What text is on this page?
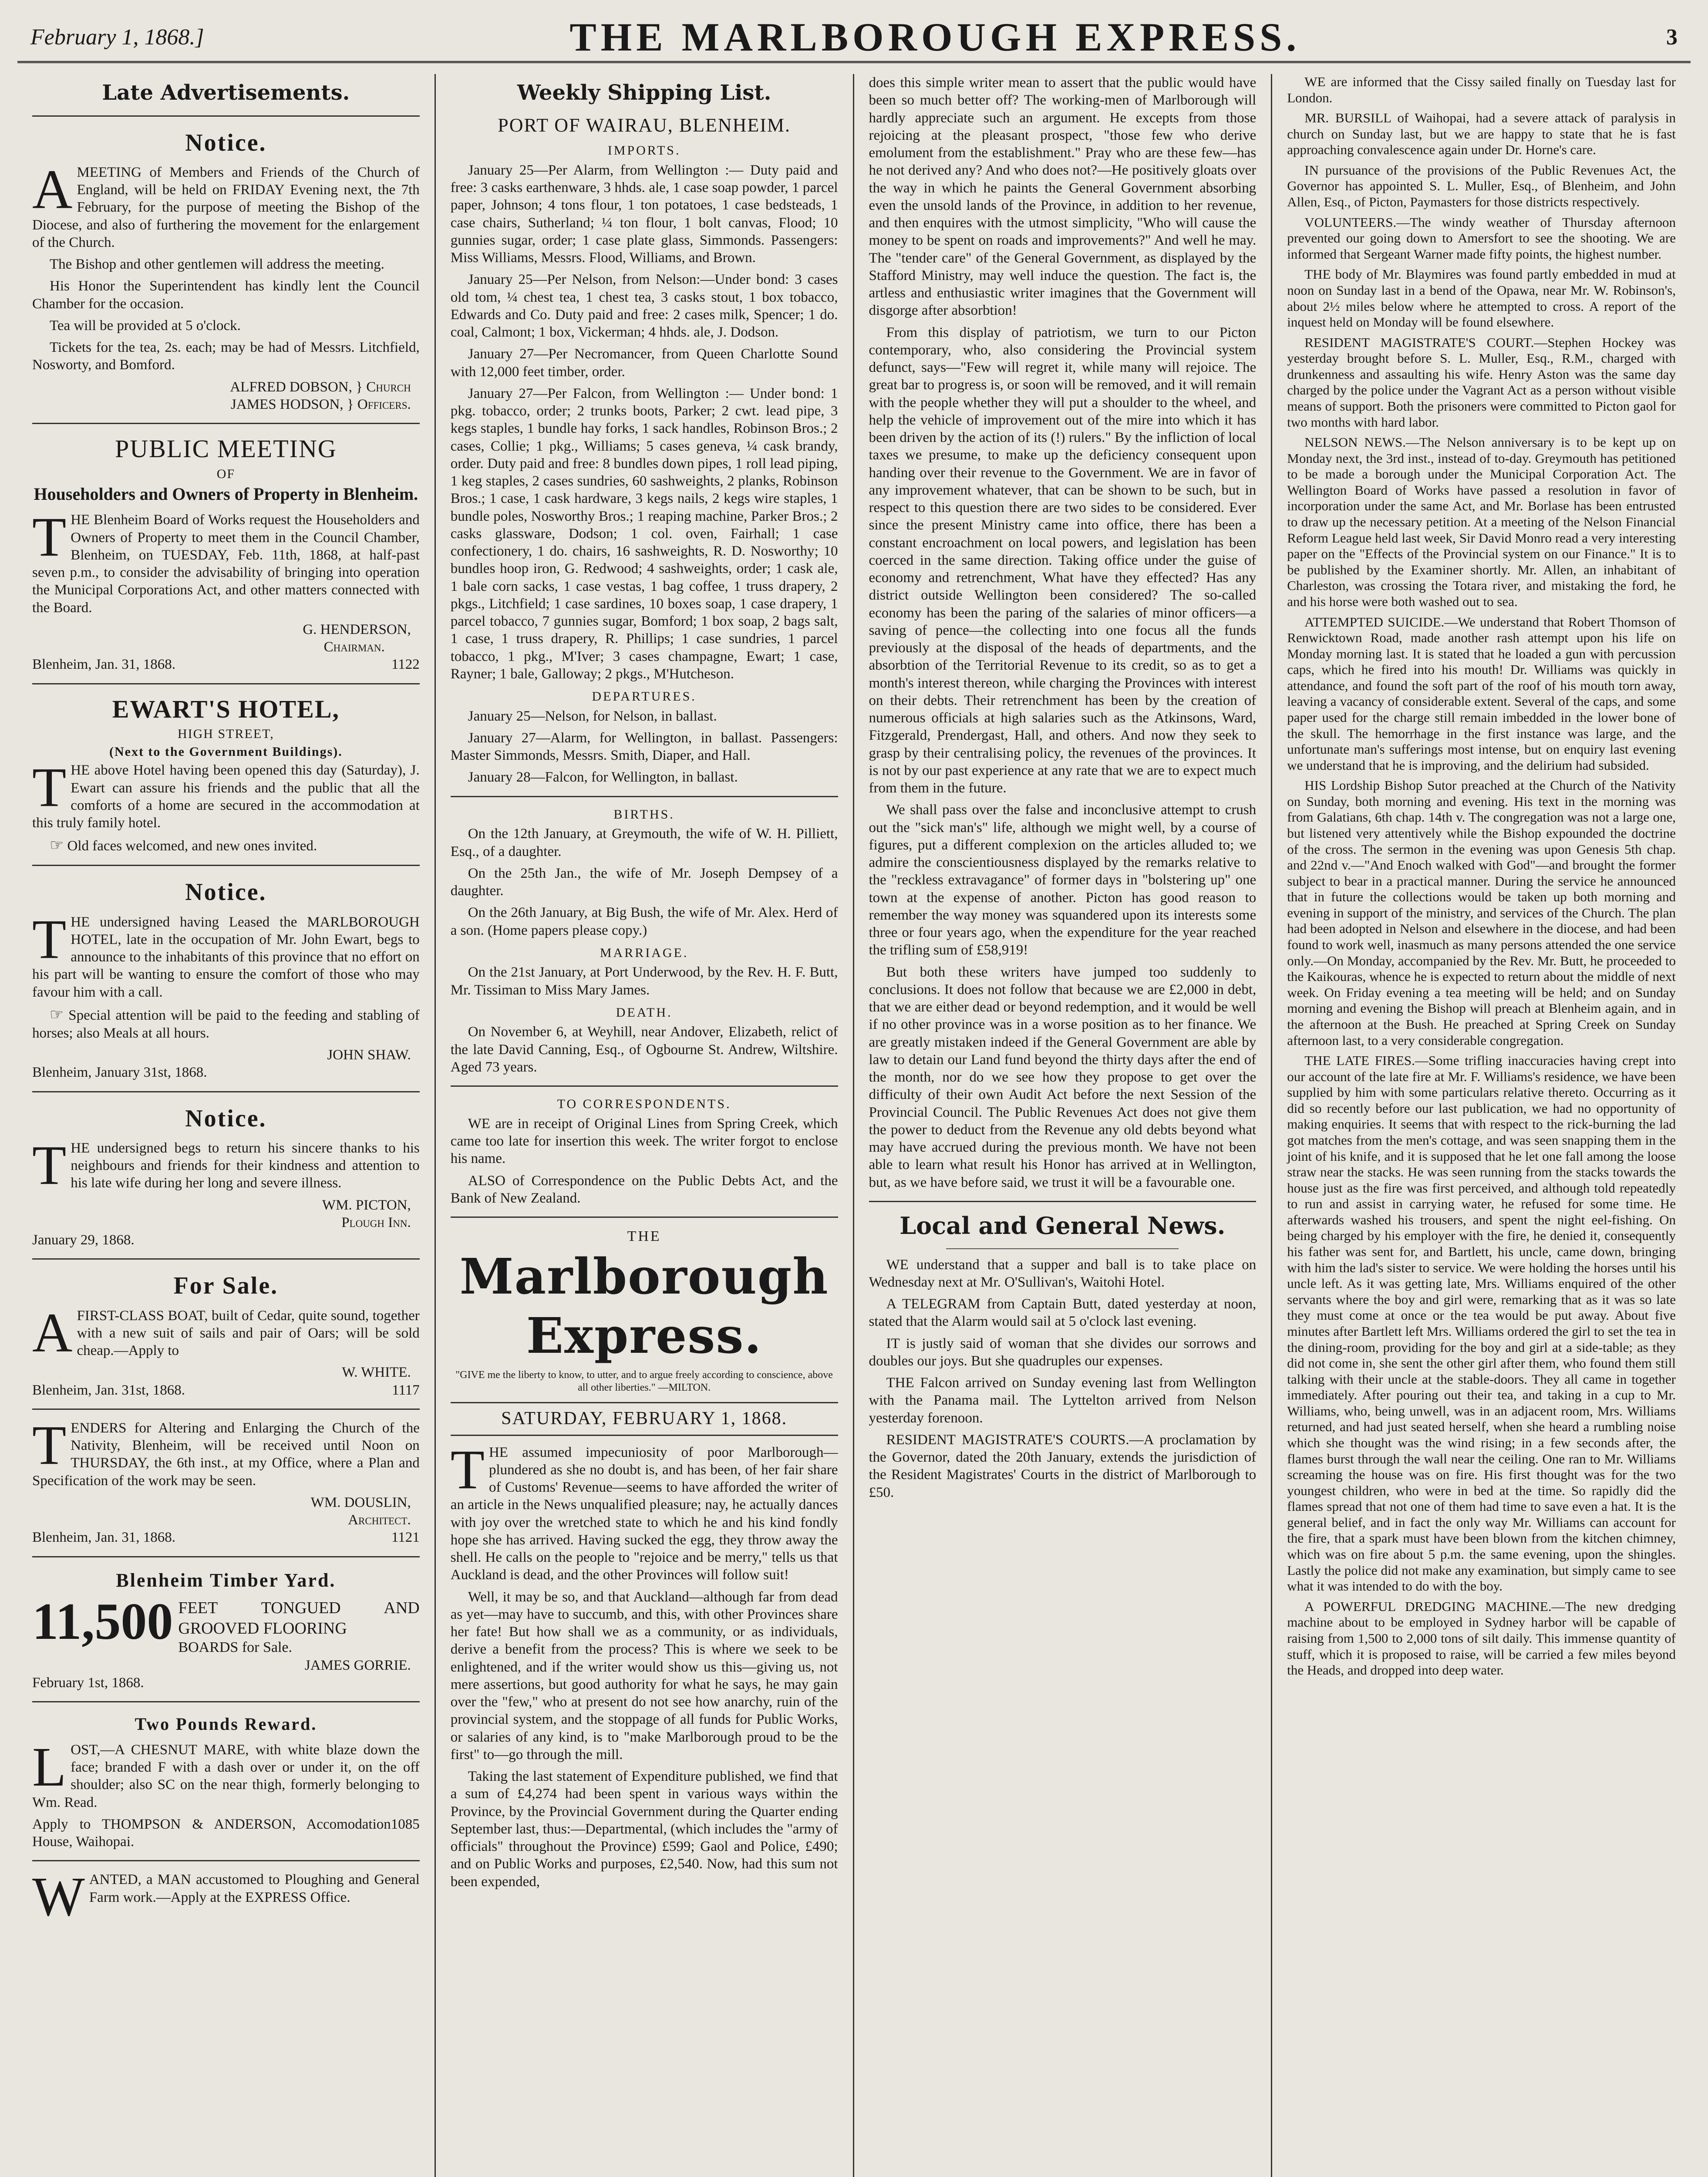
February 1, 1868.]	THE MARLBOROUGH EXPRESS.	3
Late Advertisements.
Notice.

AMEETING of Members and Friends of the Church of England, will be held on FRIDAY Evening next, the 7th February, for the purpose of meeting the Bishop of the Diocese, and also of furthering the movement for the enlargement of the Church.

The Bishop and other gentlemen will address the meeting.

His Honor the Superintendent has kindly lent the Council Chamber for the occasion.

Tea will be provided at 5 o'clock.

Tickets for the tea, 2s. each; may be had of Messrs. Litchfield, Nosworty, and Bomford.

ALFRED DOBSON, } Church
JAMES HODSON, } Officers.
PUBLIC MEETING
OF
Householders and Owners of Property in Blenheim.

THE Blenheim Board of Works request the Householders and Owners of Property to meet them in the Council Chamber, Blenheim, on TUESDAY, Feb. 11th, 1868, at half-past seven p.m., to consider the advisability of bringing into operation the Municipal Corporations Act, and other matters connected with the Board.

G. HENDERSON,
Chairman.
Blenheim, Jan. 31, 1868.	1122
EWART'S HOTEL,
HIGH STREET,
(Next to the Government Buildings).

THE above Hotel having been opened this day (Saturday), J. Ewart can assure his friends and the public that all the comforts of a home are secured in the accommodation at this truly family hotel.

☞ Old faces welcomed, and new ones invited.

Notice.

THE undersigned having Leased the MARLBOROUGH HOTEL, late in the occupation of Mr. John Ewart, begs to announce to the inhabitants of this province that no effort on his part will be wanting to ensure the comfort of those who may favour him with a call.

☞ Special attention will be paid to the feeding and stabling of horses; also Meals at all hours.

JOHN SHAW.
Blenheim, January 31st, 1868.
Notice.

THE undersigned begs to return his sincere thanks to his neighbours and friends for their kindness and attention to his late wife during her long and severe illness.

WM. PICTON,
Plough Inn.
January 29, 1868.
For Sale.

AFIRST-CLASS BOAT, built of Cedar, quite sound, together with a new suit of sails and pair of Oars; will be sold cheap.—Apply to

W. WHITE.
Blenheim, Jan. 31st, 1868.	1117

TENDERS for Altering and Enlarging the Church of the Nativity, Blenheim, will be received until Noon on THURSDAY, the 6th inst., at my Office, where a Plan and Specification of the work may be seen.

WM. DOUSLIN,
Architect.
Blenheim, Jan. 31, 1868.	1121
Blenheim Timber Yard.
11,500 FEET TONGUED AND GROOVED FLOORING
BOARDS for Sale.
JAMES GORRIE.
February 1st, 1868.
Two Pounds Reward.

LOST,—A CHESNUT MARE, with white blaze down the face; branded F with a dash over or under it, on the off shoulder; also SC on the near thigh, formerly belonging to Wm. Read.

Apply to THOMPSON & ANDERSON, Accomodation House, Waihopai.
1085

WANTED, a MAN accustomed to Ploughing and General Farm work.—Apply at the EXPRESS Office.

Weekly Shipping List.
PORT OF WAIRAU, BLENHEIM.
IMPORTS.

January 25—Per Alarm, from Wellington :— Duty paid and free: 3 casks earthenware, 3 hhds. ale, 1 case soap powder, 1 parcel paper, Johnson; 4 tons flour, 1 ton potatoes, 1 case bedsteads, 1 case chairs, Sutherland; ¼ ton flour, 1 bolt canvas, Flood; 10 gunnies sugar, order; 1 case plate glass, Simmonds. Passengers: Miss Williams, Messrs. Flood, Williams, and Brown.

January 25—Per Nelson, from Nelson:—Under bond: 3 cases old tom, ¼ chest tea, 1 chest tea, 3 casks stout, 1 box tobacco, Edwards and Co. Duty paid and free: 2 cases milk, Spencer; 1 do. coal, Calmont; 1 box, Vickerman; 4 hhds. ale, J. Dodson.

January 27—Per Necromancer, from Queen Charlotte Sound with 12,000 feet timber, order.

January 27—Per Falcon, from Wellington :— Under bond: 1 pkg. tobacco, order; 2 trunks boots, Parker; 2 cwt. lead pipe, 3 kegs staples, 1 bundle hay forks, 1 sack handles, Robinson Bros.; 2 cases, Collie; 1 pkg., Williams; 5 cases geneva, ¼ cask brandy, order. Duty paid and free: 8 bundles down pipes, 1 roll lead piping, 1 keg staples, 2 cases sundries, 60 sashweights, 2 planks, Robinson Bros.; 1 case, 1 cask hardware, 3 kegs nails, 2 kegs wire staples, 1 bundle poles, Nosworthy Bros.; 1 reaping machine, Parker Bros.; 2 casks glassware, Dodson; 1 col. oven, Fairhall; 1 case confectionery, 1 do. chairs, 16 sashweights, R. D. Nosworthy; 10 bundles hoop iron, G. Redwood; 4 sashweights, order; 1 cask ale, 1 bale corn sacks, 1 case vestas, 1 bag coffee, 1 truss drapery, 2 pkgs., Litchfield; 1 case sardines, 10 boxes soap, 1 case drapery, 1 parcel tobacco, 7 gunnies sugar, Bomford; 1 box soap, 2 bags salt, 1 case, 1 truss drapery, R. Phillips; 1 case sundries, 1 parcel tobacco, 1 pkg., M'Iver; 3 cases champagne, Ewart; 1 case, Rayner; 1 bale, Galloway; 2 pkgs., M'Hutcheson.

DEPARTURES.

January 25—Nelson, for Nelson, in ballast.

January 27—Alarm, for Wellington, in ballast. Passengers: Master Simmonds, Messrs. Smith, Diaper, and Hall.

January 28—Falcon, for Wellington, in ballast.

BIRTHS.

On the 12th January, at Greymouth, the wife of W. H. Pilliett, Esq., of a daughter.

On the 25th Jan., the wife of Mr. Joseph Dempsey of a daughter.

On the 26th January, at Big Bush, the wife of Mr. Alex. Herd of a son. (Home papers please copy.)

MARRIAGE.

On the 21st January, at Port Underwood, by the Rev. H. F. Butt, Mr. Tissiman to Miss Mary James.

DEATH.

On November 6, at Weyhill, near Andover, Elizabeth, relict of the late David Canning, Esq., of Ogbourne St. Andrew, Wiltshire. Aged 73 years.

TO CORRESPONDENTS.

WE are in receipt of Original Lines from Spring Creek, which came too late for insertion this week. The writer forgot to enclose his name.

ALSO of Correspondence on the Public Debts Act, and the Bank of New Zealand.

THE
Marlborough Express.
"GIVE me the liberty to know, to utter, and to argue freely according to conscience, above all other liberties." —MILTON.
SATURDAY, FEBRUARY 1, 1868.

THE assumed impecuniosity of poor Marlborough—plundered as she no doubt is, and has been, of her fair share of Customs' Revenue—seems to have afforded the writer of an article in the News unqualified pleasure; nay, he actually dances with joy over the wretched state to which he and his kind fondly hope she has arrived. Having sucked the egg, they throw away the shell. He calls on the people to "rejoice and be merry," tells us that Auckland is dead, and the other Provinces will follow suit!

Well, it may be so, and that Auckland—although far from dead as yet—may have to succumb, and this, with other Provinces share her fate! But how shall we as a community, or as individuals, derive a benefit from the process? This is where we seek to be enlightened, and if the writer would show us this—giving us, not mere assertions, but good authority for what he says, he may gain over the "few," who at present do not see how anarchy, ruin of the provincial system, and the stoppage of all funds for Public Works, or salaries of any kind, is to "make Marlborough proud to be the first" to—go through the mill.

Taking the last statement of Expenditure published, we find that a sum of £4,274 had been spent in various ways within the Province, by the Provincial Government during the Quarter ending September last, thus:—Departmental, (which includes the "army of officials" throughout the Province) £599; Gaol and Police, £490; and on Public Works and purposes, £2,540. Now, had this sum not been expended,

does this simple writer mean to assert that the public would have been so much better off? The working-men of Marlborough will hardly appreciate such an argument. He excepts from those rejoicing at the pleasant prospect, "those few who derive emolument from the establishment." Pray who are these few—has he not derived any? And who does not?—He positively gloats over the way in which he paints the General Government absorbing even the unsold lands of the Province, in addition to her revenue, and then enquires with the utmost simplicity, "Who will cause the money to be spent on roads and improvements?" And well he may. The "tender care" of the General Government, as displayed by the Stafford Ministry, may well induce the question. The fact is, the artless and enthusiastic writer imagines that the Government will disgorge after absorbtion!

From this display of patriotism, we turn to our Picton contemporary, who, also considering the Provincial system defunct, says—"Few will regret it, while many will rejoice. The great bar to progress is, or soon will be removed, and it will remain with the people whether they will put a shoulder to the wheel, and help the vehicle of improvement out of the mire into which it has been driven by the action of its (!) rulers." By the infliction of local taxes we presume, to make up the deficiency consequent upon handing over their revenue to the Government. We are in favor of any improvement whatever, that can be shown to be such, but in respect to this question there are two sides to be considered. Ever since the present Ministry came into office, there has been a constant encroachment on local powers, and legislation has been coerced in the same direction. Taking office under the guise of economy and retrenchment, What have they effected? Has any district outside Wellington been considered? The so-called economy has been the paring of the salaries of minor officers—a saving of pence—the collecting into one focus all the funds previously at the disposal of the heads of departments, and the absorbtion of the Territorial Revenue to its credit, so as to get a month's interest thereon, while charging the Provinces with interest on their debts. Their retrenchment has been by the creation of numerous officials at high salaries such as the Atkinsons, Ward, Fitzgerald, Prendergast, Hall, and others. And now they seek to grasp by their centralising policy, the revenues of the provinces. It is not by our past experience at any rate that we are to expect much from them in the future.

We shall pass over the false and inconclusive attempt to crush out the "sick man's" life, although we might well, by a course of figures, put a different complexion on the articles alluded to; we admire the conscientiousness displayed by the remarks relative to the "reckless extravagance" of former days in "bolstering up" one town at the expense of another. Picton has good reason to remember the way money was squandered upon its interests some three or four years ago, when the expenditure for the year reached the trifling sum of £58,919!

But both these writers have jumped too suddenly to conclusions. It does not follow that because we are £2,000 in debt, that we are either dead or beyond redemption, and it would be well if no other province was in a worse position as to her finance. We are greatly mistaken indeed if the General Government are able by law to detain our Land fund beyond the thirty days after the end of the month, nor do we see how they propose to get over the difficulty of their own Audit Act before the next Session of the Provincial Council. The Public Revenues Act does not give them the power to deduct from the Revenue any old debts beyond what may have accrued during the previous month. We have not been able to learn what result his Honor has arrived at in Wellington, but, as we have before said, we trust it will be a favourable one.

Local and General News.

WE understand that a supper and ball is to take place on Wednesday next at Mr. O'Sullivan's, Waitohi Hotel.

A TELEGRAM from Captain Butt, dated yesterday at noon, stated that the Alarm would sail at 5 o'clock last evening.

IT is justly said of woman that she divides our sorrows and doubles our joys. But she quadruples our expenses.

THE Falcon arrived on Sunday evening last from Wellington with the Panama mail. The Lyttelton arrived from Nelson yesterday forenoon.

RESIDENT MAGISTRATE'S COURTS.—A proclamation by the Governor, dated the 20th January, extends the jurisdiction of the Resident Magistrates' Courts in the district of Marlborough to £50.

WE are informed that the Cissy sailed finally on Tuesday last for London.

MR. BURSILL of Waihopai, had a severe attack of paralysis in church on Sunday last, but we are happy to state that he is fast approaching convalescence again under Dr. Horne's care.

IN pursuance of the provisions of the Public Revenues Act, the Governor has appointed S. L. Muller, Esq., of Blenheim, and John Allen, Esq., of Picton, Paymasters for those districts respectively.

VOLUNTEERS.—The windy weather of Thursday afternoon prevented our going down to Amersfort to see the shooting. We are informed that Sergeant Warner made fifty points, the highest number.

THE body of Mr. Blaymires was found partly embedded in mud at noon on Sunday last in a bend of the Opawa, near Mr. W. Robinson's, about 2½ miles below where he attempted to cross. A report of the inquest held on Monday will be found elsewhere.

RESIDENT MAGISTRATE'S COURT.—Stephen Hockey was yesterday brought before S. L. Muller, Esq., R.M., charged with drunkenness and assaulting his wife. Henry Aston was the same day charged by the police under the Vagrant Act as a person without visible means of support. Both the prisoners were committed to Picton gaol for two months with hard labor.

NELSON NEWS.—The Nelson anniversary is to be kept up on Monday next, the 3rd inst., instead of to-day. Greymouth has petitioned to be made a borough under the Municipal Corporation Act. The Wellington Board of Works have passed a resolution in favor of incorporation under the same Act, and Mr. Borlase has been entrusted to draw up the necessary petition. At a meeting of the Nelson Financial Reform League held last week, Sir David Monro read a very interesting paper on the "Effects of the Provincial system on our Finance." It is to be published by the Examiner shortly. Mr. Allen, an inhabitant of Charleston, was crossing the Totara river, and mistaking the ford, he and his horse were both washed out to sea.

ATTEMPTED SUICIDE.—We understand that Robert Thomson of Renwicktown Road, made another rash attempt upon his life on Monday morning last. It is stated that he loaded a gun with percussion caps, which he fired into his mouth! Dr. Williams was quickly in attendance, and found the soft part of the roof of his mouth torn away, leaving a vacancy of considerable extent. Several of the caps, and some paper used for the charge still remain imbedded in the lower bone of the skull. The hemorrhage in the first instance was large, and the unfortunate man's sufferings most intense, but on enquiry last evening we understand that he is improving, and the delirium had subsided.

HIS Lordship Bishop Sutor preached at the Church of the Nativity on Sunday, both morning and evening. His text in the morning was from Galatians, 6th chap. 14th v. The congregation was not a large one, but listened very attentively while the Bishop expounded the doctrine of the cross. The sermon in the evening was upon Genesis 5th chap. and 22nd v.—"And Enoch walked with God"—and brought the former subject to bear in a practical manner. During the service he announced that in future the collections would be taken up both morning and evening in support of the ministry, and services of the Church. The plan had been adopted in Nelson and elsewhere in the diocese, and had been found to work well, inasmuch as many persons attended the one service only.—On Monday, accompanied by the Rev. Mr. Butt, he proceeded to the Kaikouras, whence he is expected to return about the middle of next week. On Friday evening a tea meeting will be held; and on Sunday morning and evening the Bishop will preach at Blenheim again, and in the afternoon at the Bush. He preached at Spring Creek on Sunday afternoon last, to a very considerable congregation.

THE LATE FIRES.—Some trifling inaccuracies having crept into our account of the late fire at Mr. F. Williams's residence, we have been supplied by him with some particulars relative thereto. Occurring as it did so recently before our last publication, we had no opportunity of making enquiries. It seems that with respect to the rick-burning the lad got matches from the men's cottage, and was seen snapping them in the joint of his knife, and it is supposed that he let one fall among the loose straw near the stacks. He was seen running from the stacks towards the house just as the fire was first perceived, and although told repeatedly to run and assist in carrying water, he refused for some time. He afterwards washed his trousers, and spent the night eel-fishing. On being charged by his employer with the fire, he denied it, consequently his father was sent for, and Bartlett, his uncle, came down, bringing with him the lad's sister to service. We were holding the horses until his uncle left. As it was getting late, Mrs. Williams enquired of the other servants where the boy and girl were, remarking that as it was so late they must come at once or the tea would be put away. About five minutes after Bartlett left Mrs. Williams ordered the girl to set the tea in the dining-room, providing for the boy and girl at a side-table; as they did not come in, she sent the other girl after them, who found them still talking with their uncle at the stable-doors. They all came in together immediately. After pouring out their tea, and taking in a cup to Mr. Williams, who, being unwell, was in an adjacent room, Mrs. Williams returned, and had just seated herself, when she heard a rumbling noise which she thought was the wind rising; in a few seconds after, the flames burst through the wall near the ceiling. One ran to Mr. Williams screaming the house was on fire. His first thought was for the two youngest children, who were in bed at the time. So rapidly did the flames spread that not one of them had time to save even a hat. It is the general belief, and in fact the only way Mr. Williams can account for the fire, that a spark must have been blown from the kitchen chimney, which was on fire about 5 p.m. the same evening, upon the shingles. Lastly the police did not make any examination, but simply came to see what it was intended to do with the boy.

A POWERFUL DREDGING MACHINE.—The new dredging machine about to be employed in Sydney harbor will be capable of raising from 1,500 to 2,000 tons of silt daily. This immense quantity of stuff, which it is proposed to raise, will be carried a few miles beyond the Heads, and dropped into deep water.
